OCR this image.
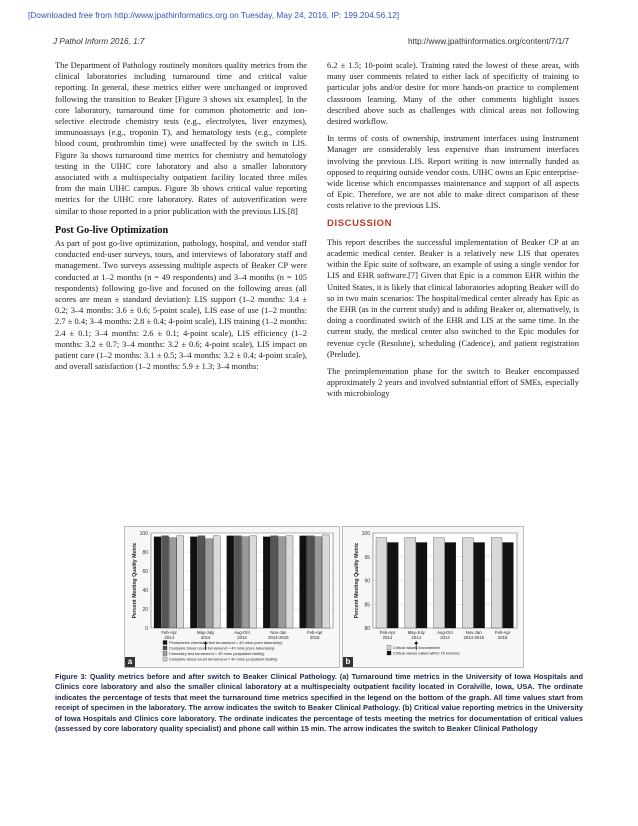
[Downloaded free from http://www.jpathinformatics.org on Tuesday, May 24, 2016, IP: 199.204.56.12]
J Pathol Inform 2016, 1:7	http://www.jpathinformatics.org/content/7/1/7

The Department of Pathology routinely monitors quality metrics from the clinical laboratories including turnaround time and critical value reporting. In general, these metrics either were unchanged or improved following the transition to Beaker [Figure 3 shows six examples]. In the core laboratory, turnaround time for common photometric and ion-selective electrode chemistry tests (e.g., electrolytes, liver enzymes), immunoassays (e.g., troponin T), and hematology tests (e.g., complete blood count, prothrombin time) were unaffected by the switch in LIS. Figure 3a shows turnaround time metrics for chemistry and hematology testing in the UIHC core laboratory and also a smaller laboratory associated with a multispecialty outpatient facility located three miles from the main UIHC campus. Figure 3b shows critical value reporting metrics for the UIHC core laboratory. Rates of autoverification were similar to those reported in a prior publication with the previous LIS.[8]

Post Go-live Optimization

As part of post go-live optimization, pathology, hospital, and vendor staff conducted end-user surveys, tours, and interviews of laboratory staff and management. Two surveys assessing multiple aspects of Beaker CP were conducted at 1–2 months (n = 49 respondents) and 3–4 months (n = 105 respondents) following go-live and focused on the following areas (all scores are mean ± standard deviation): LIS support (1–2 months: 3.4 ± 0.2; 3–4 months: 3.6 ± 0.6; 5-point scale), LIS ease of use (1–2 months: 2.7 ± 0.4; 3–4 months: 2.8 ± 0.4; 4-point scale), LIS training (1–2 months: 2.4 ± 0.1; 3–4 months: 2.6 ± 0.1; 4-point scale), LIS efficiency (1–2 months: 3.2 ± 0.7; 3–4 months: 3.2 ± 0.6; 4-point scale), LIS impact on patient care (1–2 months: 3.1 ± 0.5; 3–4 months: 3.2 ± 0.4; 4-point scale), and overall satisfaction (1–2 months: 5.9 ± 1.3; 3–4 months:

6.2 ± 1.5; 10-point scale). Training rated the lowest of these areas, with many user comments related to either lack of specificity of training to particular jobs and/or desire for more hands-on practice to complement classroom learning. Many of the other comments highlight issues described above such as challenges with clinical areas not following desired workflow.

In terms of costs of ownership, instrument interfaces using Instrument Manager are considerably less expensive than instrument interfaces involving the previous LIS. Report writing is now internally funded as opposed to requiring outside vendor costs. UIHC owns an Epic enterprise-wide license which encompasses maintenance and support of all aspects of Epic. Therefore, we are not able to make direct comparison of these costs relative to the previous LIS.

DISCUSSION

This report describes the successful implementation of Beaker CP at an academic medical center. Beaker is a relatively new LIS that operates within the Epic suite of software, an example of using a single vendor for LIS and EHR software.[7] Given that Epic is a common EHR within the United States, it is likely that clinical laboratories adopting Beaker will do so in two main scenarios: The hospital/medical center already has Epic as the EHR (as in the current study) and is adding Beaker or, alternatively, is doing a coordinated switch of the EHR and LIS at the same time. In the current study, the medical center also switched to the Epic modules for revenue cycle (Resolute), scheduling (Cadence), and patient registration (Prelude).

The preimplementation phase for the switch to Beaker encompassed approximately 2 years and involved substantial effort of SMEs, especially with microbiology

0
20
40
60
80
100
Percent Meeting Quality Metric
Feb-Apr
2014
May-July
2014
Aug-Oct
2014
Nov-Jan
2014-2015
Feb-Apr
2015
Photometric chemistry test turnaround < 40 mins (core laboratory)
Complete blood count turnaround < 40 mins (core laboratory)
Chemistry test turnaround < 40 mins (outpatient facility)
Complete blood count turnaround < 40 mins (outpatient facility)
a
80
85
90
95
100
Percent Meeting Quality Metric
Feb-Apr
2014
May-July
2014
Aug-Oct
2014
Nov-Jan
2014-2015
Feb-Apr
2015
Critical values documented
Critical values called within 15 minutes
b
Figure 3: Quality metrics before and after switch to Beaker Clinical Pathology. (a) Turnaround time metrics in the University of Iowa Hospitals and Clinics core laboratory and also the smaller clinical laboratory at a multispecialty outpatient facility located in Coralville, Iowa, USA. The ordinate indicates the percentage of tests that meet the turnaround time metrics specified in the legend on the bottom of the graph. All time values start from receipt of specimen in the laboratory. The arrow indicates the switch to Beaker Clinical Pathology. (b) Critical value reporting metrics in the University of Iowa Hospitals and Clinics core laboratory. The ordinate indicates the percentage of tests meeting the metrics for documentation of critical values (assessed by core laboratory quality specialist) and phone call within 15 min. The arrow indicates the switch to Beaker Clinical Pathology
